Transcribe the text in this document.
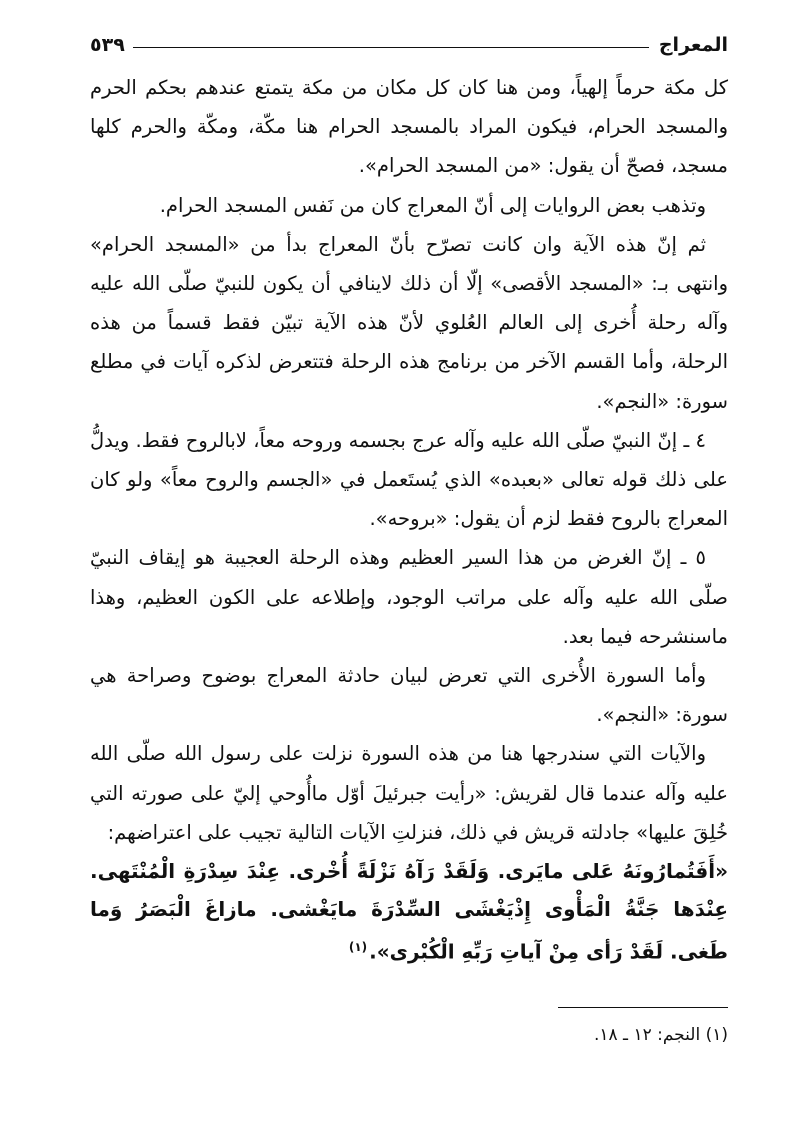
المعراج
٥٣٩

كل مكة حرماً إلهياً، ومن هنا كان كل مكان من مكة يتمتع عندهم بحكم الحرم والمسجد الحرام، فيكون المراد بالمسجد الحرام هنا مكّة، ومكّة والحرم كلها مسجد، فصحّ أن يقول: «من المسجد الحرام».

وتذهب بعض الروايات إلى أنّ المعراج كان من نَفس المسجد الحرام.

ثم إنّ هذه الآية وان كانت تصرّح بأنّ المعراج بدأ من «المسجد الحرام» وانتهى بـ: «المسجد الأقصى» إلّا أن ذلك لاينافي أن يكون للنبيّ صلّى الله عليه وآله رحلة أُخرى إلى العالم العُلوي لأنّ هذه الآية تبيّن فقط قسماً من هذه الرحلة، وأما القسم الآخر من برنامج هذه الرحلة فتتعرض لذكره آيات في مطلع سورة: «النجم».

٤ ـ إنّ النبيّ صلّى الله عليه وآله عرج بجسمه وروحه معاً، لابالروح فقط. ويدلُّ على ذلك قوله تعالى «بعبده» الذي يُستَعمل في «الجسم والروح معاً» ولو كان المعراج بالروح فقط لزم أن يقول: «بروحه».

٥ ـ إنّ الغرض من هذا السير العظيم وهذه الرحلة العجيبة هو إيقاف النبيّ صلّى الله عليه وآله على مراتب الوجود، وإطلاعه على الكون العظيم، وهذا ماسنشرحه فيما بعد.

وأما السورة الأُخرى التي تعرض لبيان حادثة المعراج بوضوح وصراحة هي سورة: «النجم».

والآيات التي سندرجها هنا من هذه السورة نزلت على رسول الله صلّى الله عليه وآله عندما قال لقريش: «رأيت جبرئيلَ أوّل ماأُوحي إليّ على صورته التي خُلِقَ عليها» جادلته قريش في ذلك، فنزلتِ الآيات التالية تجيب على اعتراضهم:

«أَفَتُمارُونَهُ عَلى مايَرى. وَلَقَدْ رَآهُ نَزْلَةً أُخْرى. عِنْدَ سِدْرَةِ الْمُنْتَهى. عِنْدَها جَنَّةُ الْمَأْوى إِذْيَغْشَى السِّدْرَةَ مايَغْشى. مازاغَ الْبَصَرُ وَما طَغى. لَقَدْ رَأى مِنْ آياتِ رَبِّهِ الْكُبْرى».$^{(١)}$

(١) النجم: ١٢ ـ ١٨.
